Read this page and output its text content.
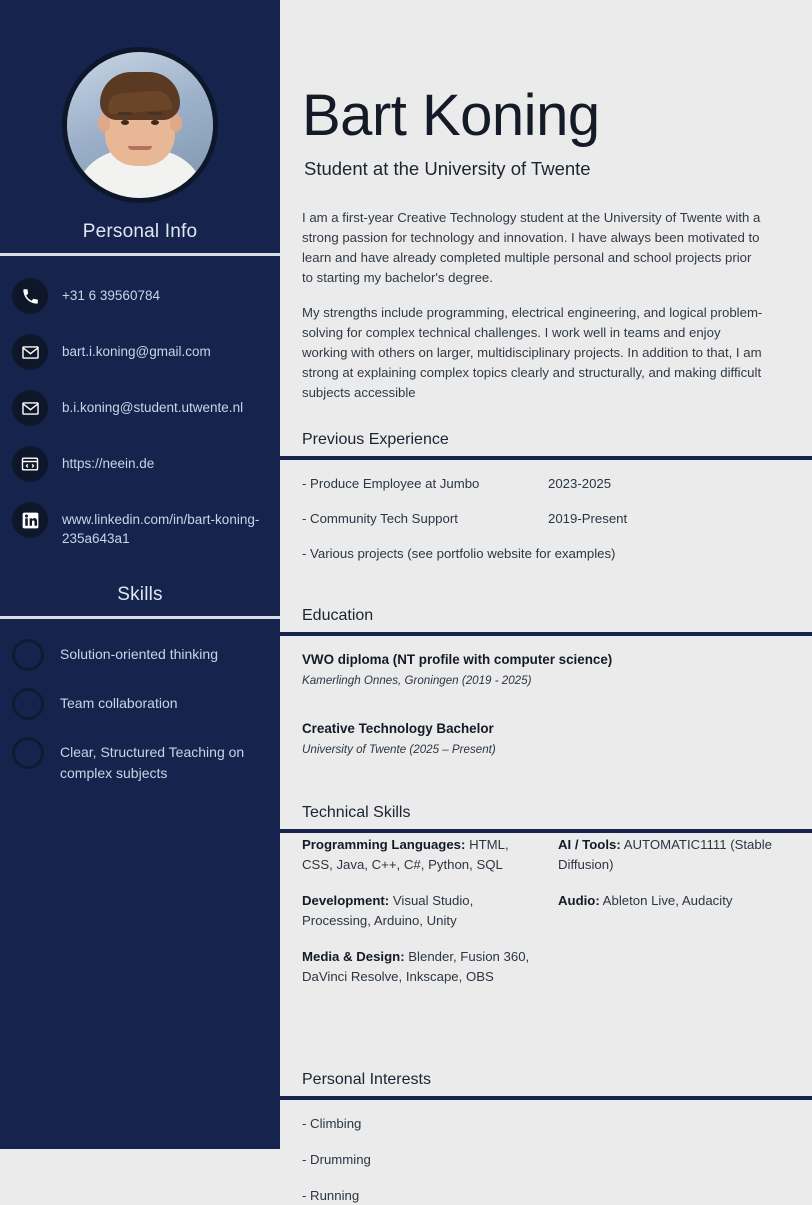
Personal Info
+31 6 39560784
bart.i.koning@gmail.com
b.i.koning@student.utwente.nl
https://neein.de
www.linkedin.com/in/bart-koning-235a643a1
Skills
Solution-oriented thinking
Team collaboration
Clear, Structured Teaching on complex subjects
Bart Koning
Student at the University of Twente

I am a first-year Creative Technology student at the University of Twente with a strong passion for technology and innovation. I have always been motivated to learn and have already completed multiple personal and school projects prior to starting my bachelor's degree.

My strengths include programming, electrical engineering, and logical problem-solving for complex technical challenges. I work well in teams and enjoy working with others on larger, multidisciplinary projects. In addition to that, I am strong at explaining complex topics clearly and structurally, and making difficult subjects accessible

Previous Experience
- Produce Employee at Jumbo	2023-2025
- Community Tech Support	2019-Present
- Various projects (see portfolio website for examples)
Education
VWO diploma (NT profile with computer science)
Kamerlingh Onnes, Groningen (2019 - 2025)
Creative Technology Bachelor
University of Twente (2025 – Present)
Technical Skills
Programming Languages: HTML, CSS, Java, C++, C#, Python, SQL
Development: Visual Studio, Processing, Arduino, Unity
Media & Design: Blender, Fusion 360, DaVinci Resolve, Inkscape, OBS
AI / Tools: AUTOMATIC1111 (Stable Diffusion)
Audio: Ableton Live, Audacity
Personal Interests
- Climbing
- Drumming
- Running
